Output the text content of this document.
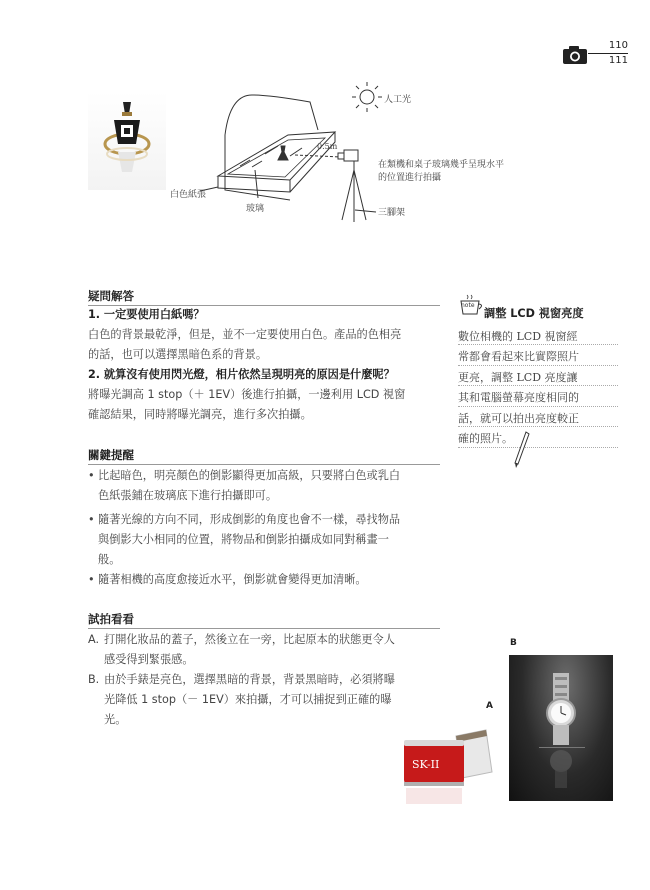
110
111
人工光
0.5m
在類機和桌子玻璃幾乎呈現水平
的位置進行拍攝
白色紙張
玻璃	三腳架
疑問解答
1. 一定要使用白紙嗎？
白色的背景最乾淨，但是，並不一定要使用白色。產品的色相亮
的話，也可以選擇黑暗色系的背景。
2. 就算沒有使用閃光燈，相片依然呈現明亮的原因是什麼呢？
將曝光調高 1 stop（＋ 1EV）後進行拍攝，一邊利用 LCD 視窗
確認結果，同時將曝光調亮，進行多次拍攝。
關鍵提醒
• 比起暗色，明亮顏色的倒影顯得更加高級，只要將白色或乳白
色紙張鋪在玻璃底下進行拍攝即可。
• 隨著光線的方向不同，形成倒影的角度也會不一樣，尋找物品
與倒影大小相同的位置，將物品和倒影拍攝成如同對稱畫一
般。
• 隨著相機的高度愈接近水平，倒影就會變得更加清晰。
試拍看看
A. 打開化妝品的蓋子，然後立在一旁，比起原本的狀態更令人
感受得到緊張感。
B. 由於手錶是亮色，選擇黑暗的背景，背景黑暗時，必須將曝
光降低 1 stop（－ 1EV）來拍攝，才可以捕捉到正確的曝
光。
note
調整 LCD 視窗亮度
數位相機的 LCD 視窗經
常都會看起來比實際照片
更亮，調整 LCD 亮度讓
其和電腦螢幕亮度相同的
話，就可以拍出亮度較正
確的照片。
B
A
SK-II
